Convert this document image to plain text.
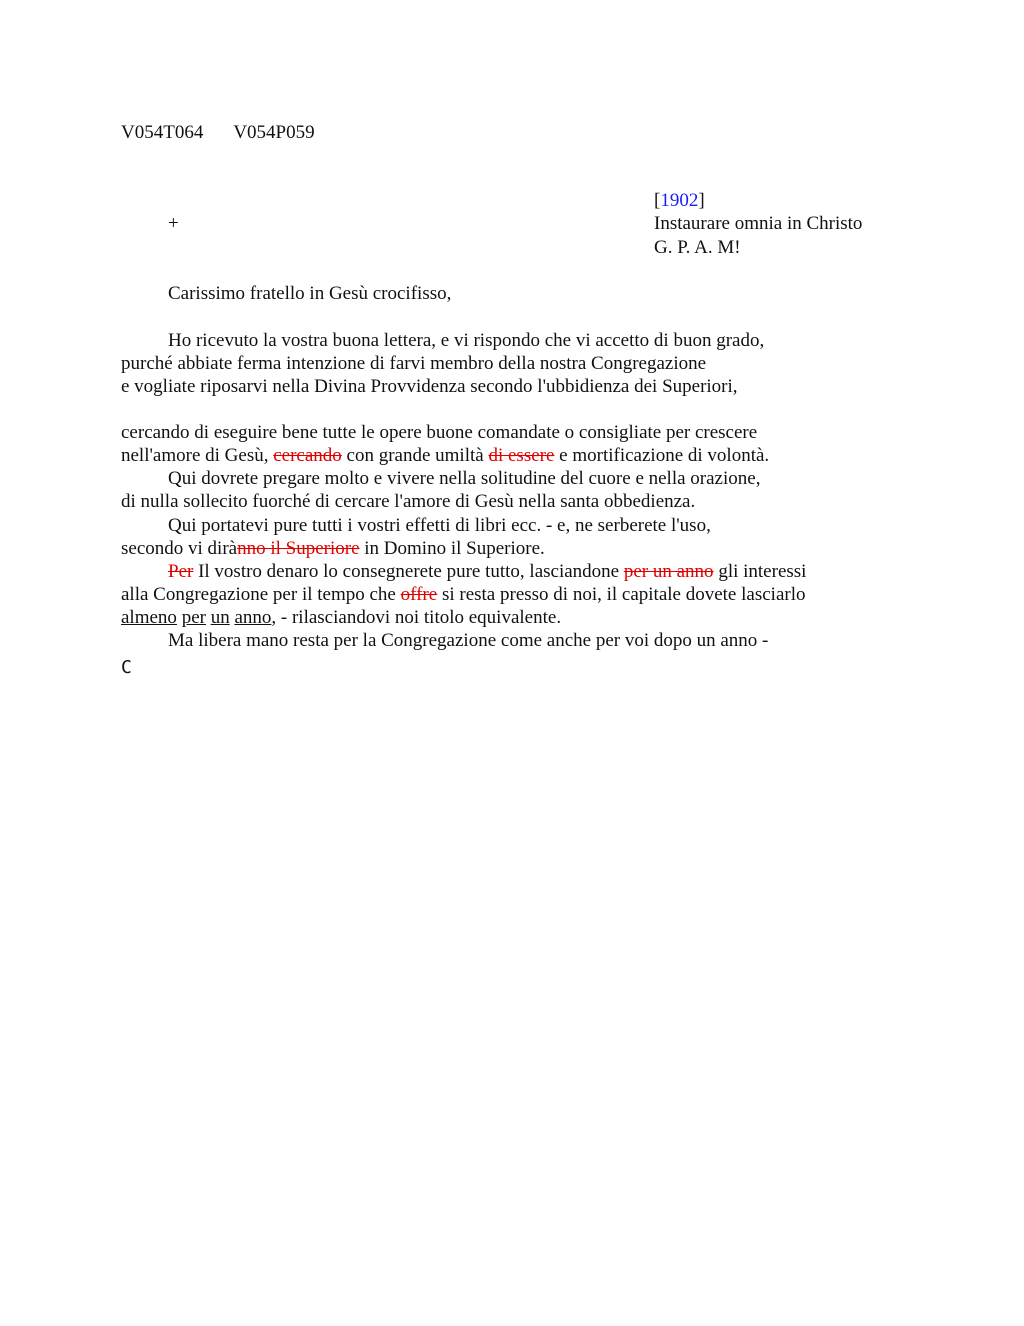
V054T064 V054P059
[1902]
+	Instaurare omnia in Christo
G. P. A. M!
Carissimo fratello in Gesù crocifisso,
Ho ricevuto la vostra buona lettera, e vi rispondo che vi accetto di buon grado,
purché abbiate ferma intenzione di farvi membro della nostra Congregazione
e vogliate riposarvi nella Divina Provvidenza secondo l'ubbidienza dei Superiori,
cercando di eseguire bene tutte le opere buone comandate o consigliate per crescere
nell'amore di Gesù, cercando con grande umiltà di essere e mortificazione di volontà.
Qui dovrete pregare molto e vivere nella solitudine del cuore e nella orazione,
di nulla sollecito fuorché di cercare l'amore di Gesù nella santa obbedienza.
Qui portatevi pure tutti i vostri effetti di libri ecc. - e, ne serberete l'uso,
secondo vi dirànno il Superiore in Domino il Superiore.
Per Il vostro denaro lo consegnerete pure tutto, lasciandone per un anno gli interessi
alla Congregazione per il tempo che offre si resta presso di noi, il capitale dovete lasciarlo
almeno per un anno, - rilasciandovi noi titolo equivalente.
Ma libera mano resta per la Congregazione come anche per voi dopo un anno -
C
